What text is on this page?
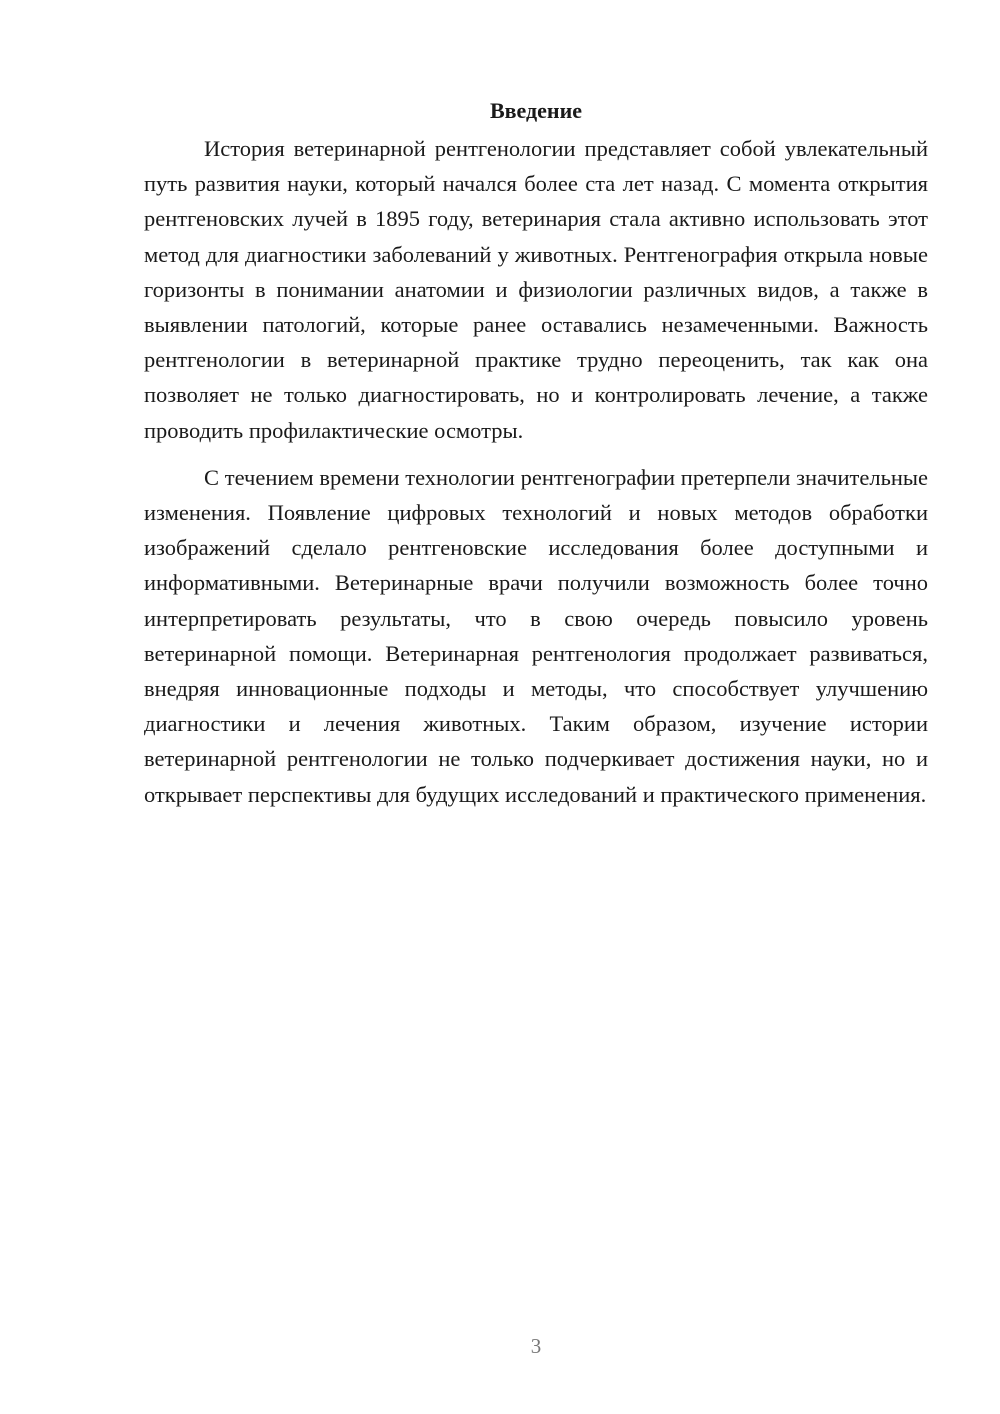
Введение

История ветеринарной рентгенологии представляет собой увлекательный путь развития науки, который начался более ста лет назад. С момента открытия рентгеновских лучей в 1895 году, ветеринария стала активно использовать этот метод для диагностики заболеваний у животных. Рентгенография открыла новые горизонты в понимании анатомии и физиологии различных видов, а также в выявлении патологий, которые ранее оставались незамеченными. Важность рентгенологии в ветеринарной практике трудно переоценить, так как она позволяет не только диагностировать, но и контролировать лечение, а также проводить профилактические осмотры.

С течением времени технологии рентгенографии претерпели значительные изменения. Появление цифровых технологий и новых методов обработки изображений сделало рентгеновские исследования более доступными и информативными. Ветеринарные врачи получили возможность более точно интерпретировать результаты, что в свою очередь повысило уровень ветеринарной помощи. Ветеринарная рентгенология продолжает развиваться, внедряя инновационные подходы и методы, что способствует улучшению диагностики и лечения животных. Таким образом, изучение истории ветеринарной рентгенологии не только подчеркивает достижения науки, но и открывает перспективы для будущих исследований и практического применения.

3
